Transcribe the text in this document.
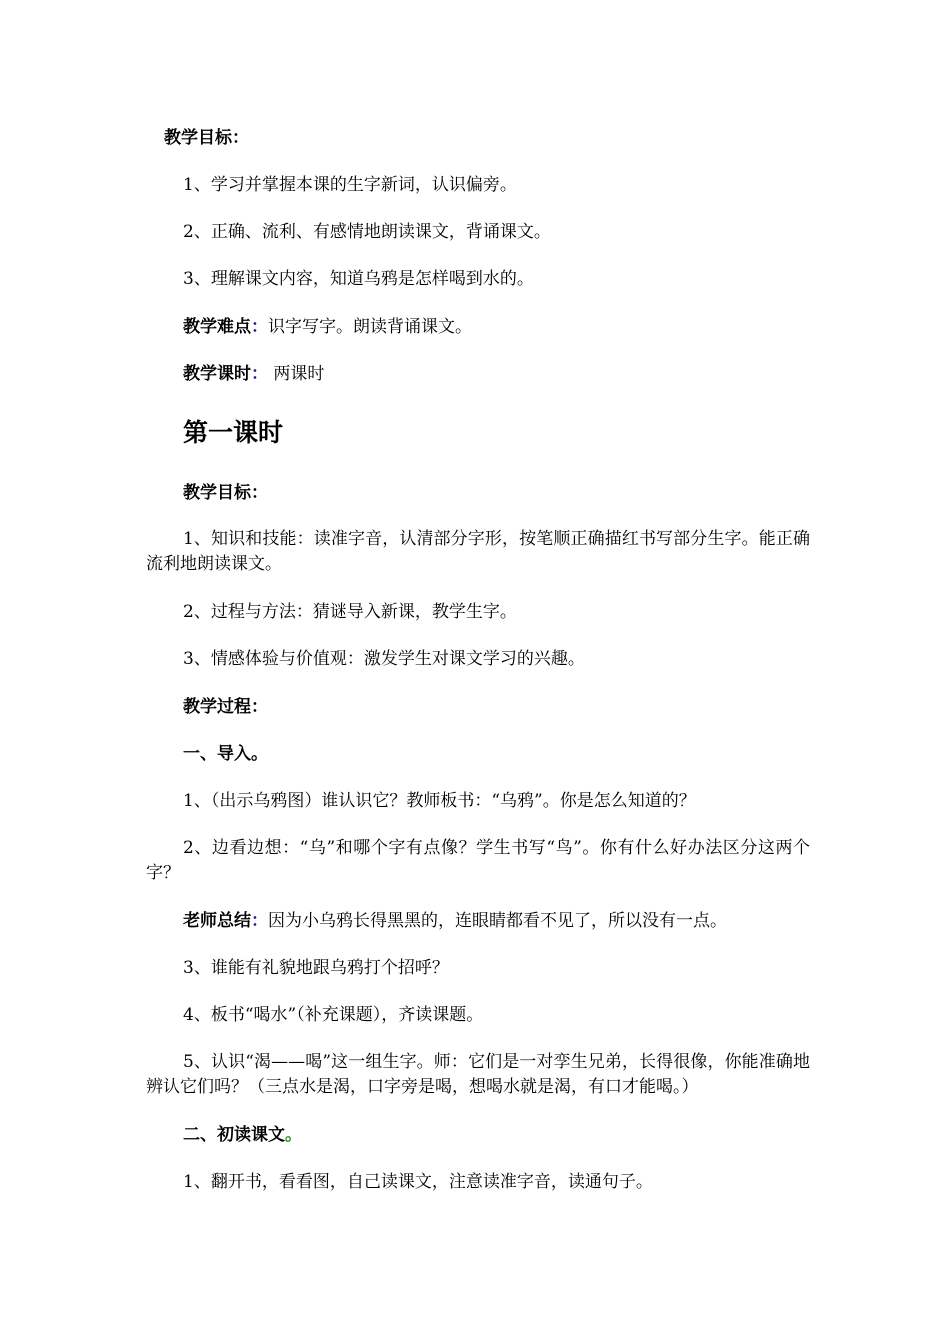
教学目标：
1、学习并掌握本课的生字新词，认识偏旁。
2、正确、流利、有感情地朗读课文，背诵课文。
3、理解课文内容，知道乌鸦是怎样喝到水的。
教学难点：识字写字。朗读背诵课文。
教学课时： 两课时
第一课时
教学目标：
1、知识和技能：读准字音，认清部分字形，按笔顺正确描红书写部分生字。能正确流利地朗读课文。
2、过程与方法：猜谜导入新课，教学生字。
3、情感体验与价值观：激发学生对课文学习的兴趣。
教学过程：
一、导入。
1、（出示乌鸦图）谁认识它？教师板书：“乌鸦”。你是怎么知道的？
2、边看边想：“乌”和哪个字有点像？学生书写“鸟”。你有什么好办法区分这两个字？
老师总结：因为小乌鸦长得黑黑的，连眼睛都看不见了，所以没有一点。
3、谁能有礼貌地跟乌鸦打个招呼？
4、板书“喝水”（补充课题），齐读课题。
5、认识“渴——喝”这一组生字。师：它们是一对孪生兄弟，长得很像，你能准确地辨认它们吗？（三点水是渴，口字旁是喝，想喝水就是渴，有口才能喝。）
二、初读课文。
1、翻开书，看看图，自己读课文，注意读准字音，读通句子。
